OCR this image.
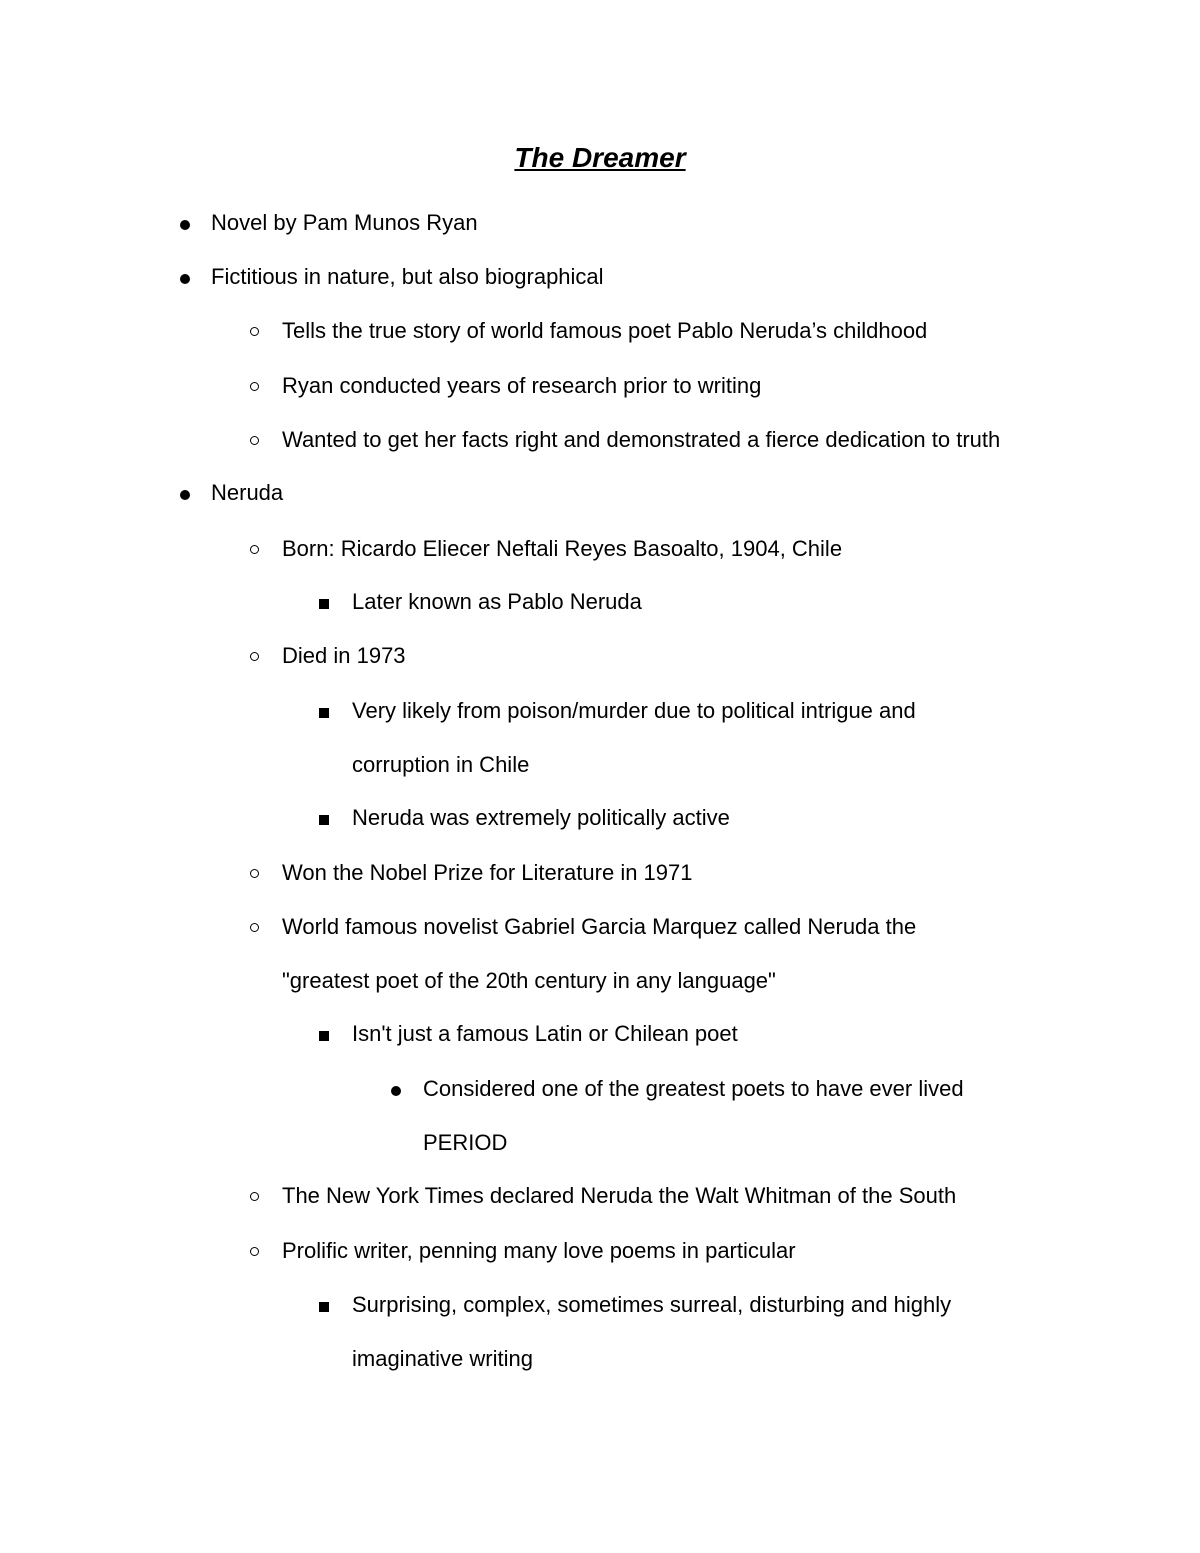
The Dreamer
Novel by Pam Munos Ryan
Fictitious in nature, but also biographical
Tells the true story of world famous poet Pablo Neruda’s childhood
Ryan conducted years of research prior to writing
Wanted to get her facts right and demonstrated a fierce dedication to truth
Neruda
Born: Ricardo Eliecer Neftali Reyes Basoalto, 1904, Chile
Later known as Pablo Neruda
Died in 1973
Very likely from poison/murder due to political intrigue and
corruption in Chile
Neruda was extremely politically active
Won the Nobel Prize for Literature in 1971
World famous novelist Gabriel Garcia Marquez called Neruda the
"greatest poet of the 20th century in any language"
Isn't just a famous Latin or Chilean poet
Considered one of the greatest poets to have ever lived
PERIOD
The New York Times declared Neruda the Walt Whitman of the South
Prolific writer, penning many love poems in particular
Surprising, complex, sometimes surreal, disturbing and highly
imaginative writing
